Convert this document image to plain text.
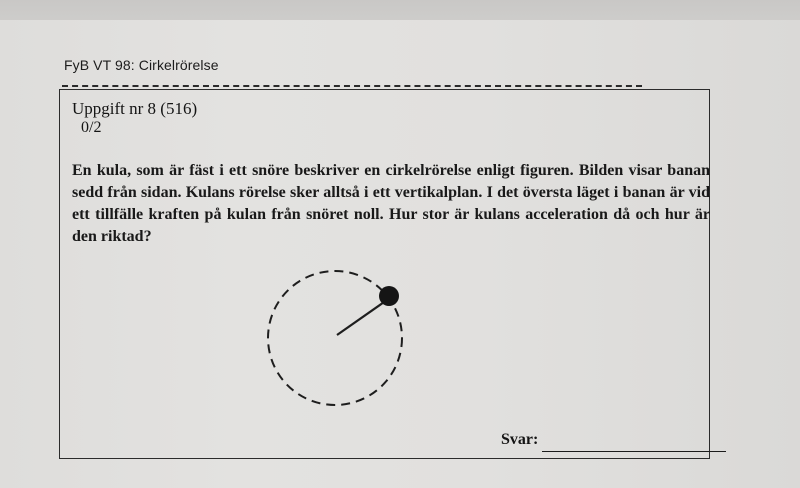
FyB VT 98: Cirkelrörelse
Uppgift nr 8 (516)
0/2
En kula, som är fäst i ett snöre beskriver en cirkelrörelse enligt figuren. Bilden visar banan sedd från sidan. Kulans rörelse sker alltså i ett vertikalplan. I det översta läget i banan är vid ett tillfälle kraften på kulan från snöret noll. Hur stor är kulans acceleration då och hur är den riktad?
Svar:
